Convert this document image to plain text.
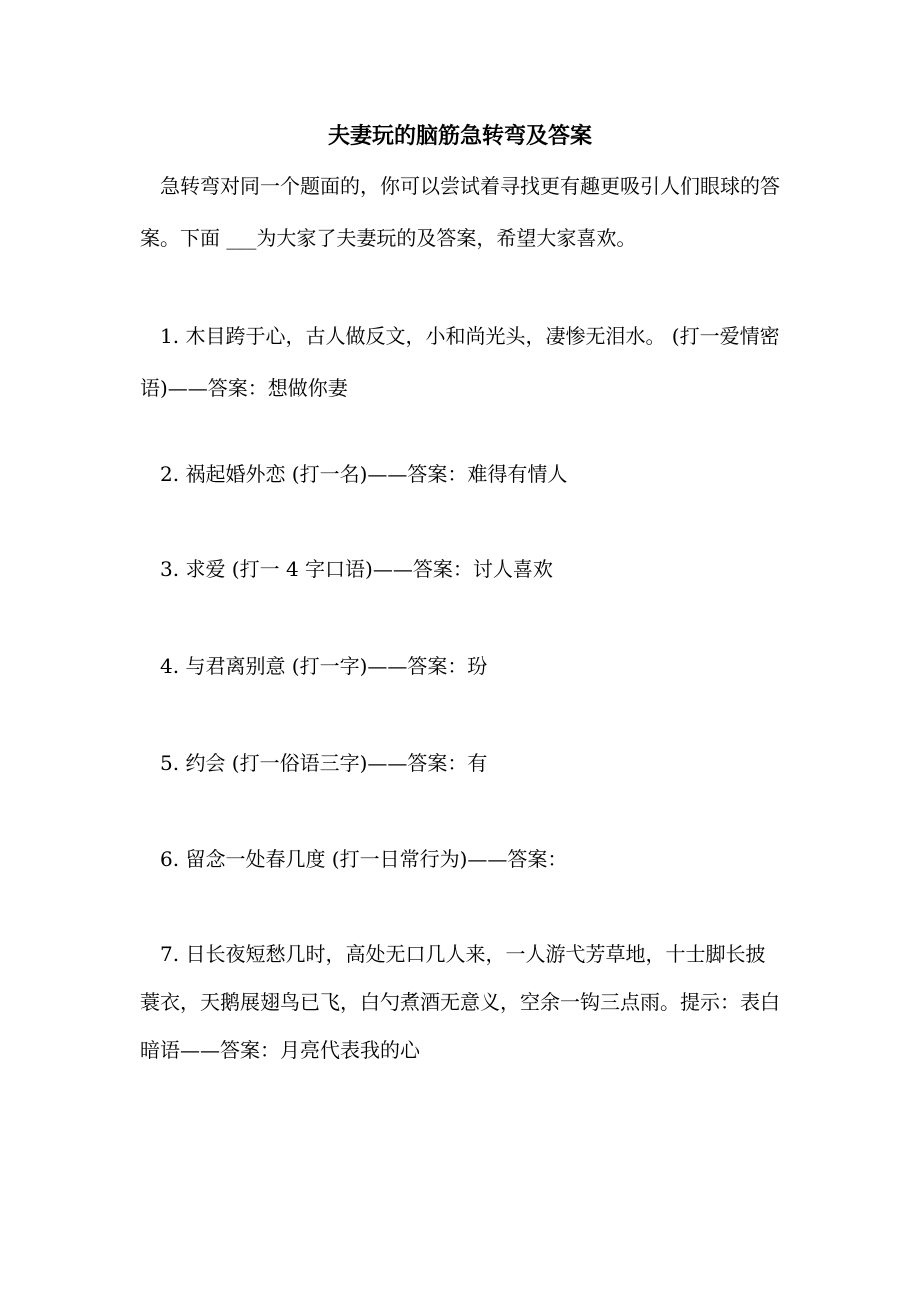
夫妻玩的脑筋急转弯及答案
急转弯对同一个题面的，你可以尝试着寻找更有趣更吸引人们眼球的答案。下面 ___为大家了夫妻玩的及答案，希望大家喜欢。
1. 木目跨于心，古人做反文，小和尚光头，凄惨无泪水。 (打一爱情密语)——答案：想做你妻
2. 祸起婚外恋 (打一名)——答案：难得有情人
3. 求爱 (打一 4 字口语)——答案：讨人喜欢
4. 与君离别意 (打一字)——答案：玢
5. 约会 (打一俗语三字)——答案：有
6. 留念一处春几度 (打一日常行为)——答案：
7. 日长夜短愁几时，高处无口几人来，一人游弋芳草地，十士脚长披蓑衣，天鹅展翅鸟已飞，白勺煮酒无意义，空余一钩三点雨。提示：表白暗语——答案：月亮代表我的心
